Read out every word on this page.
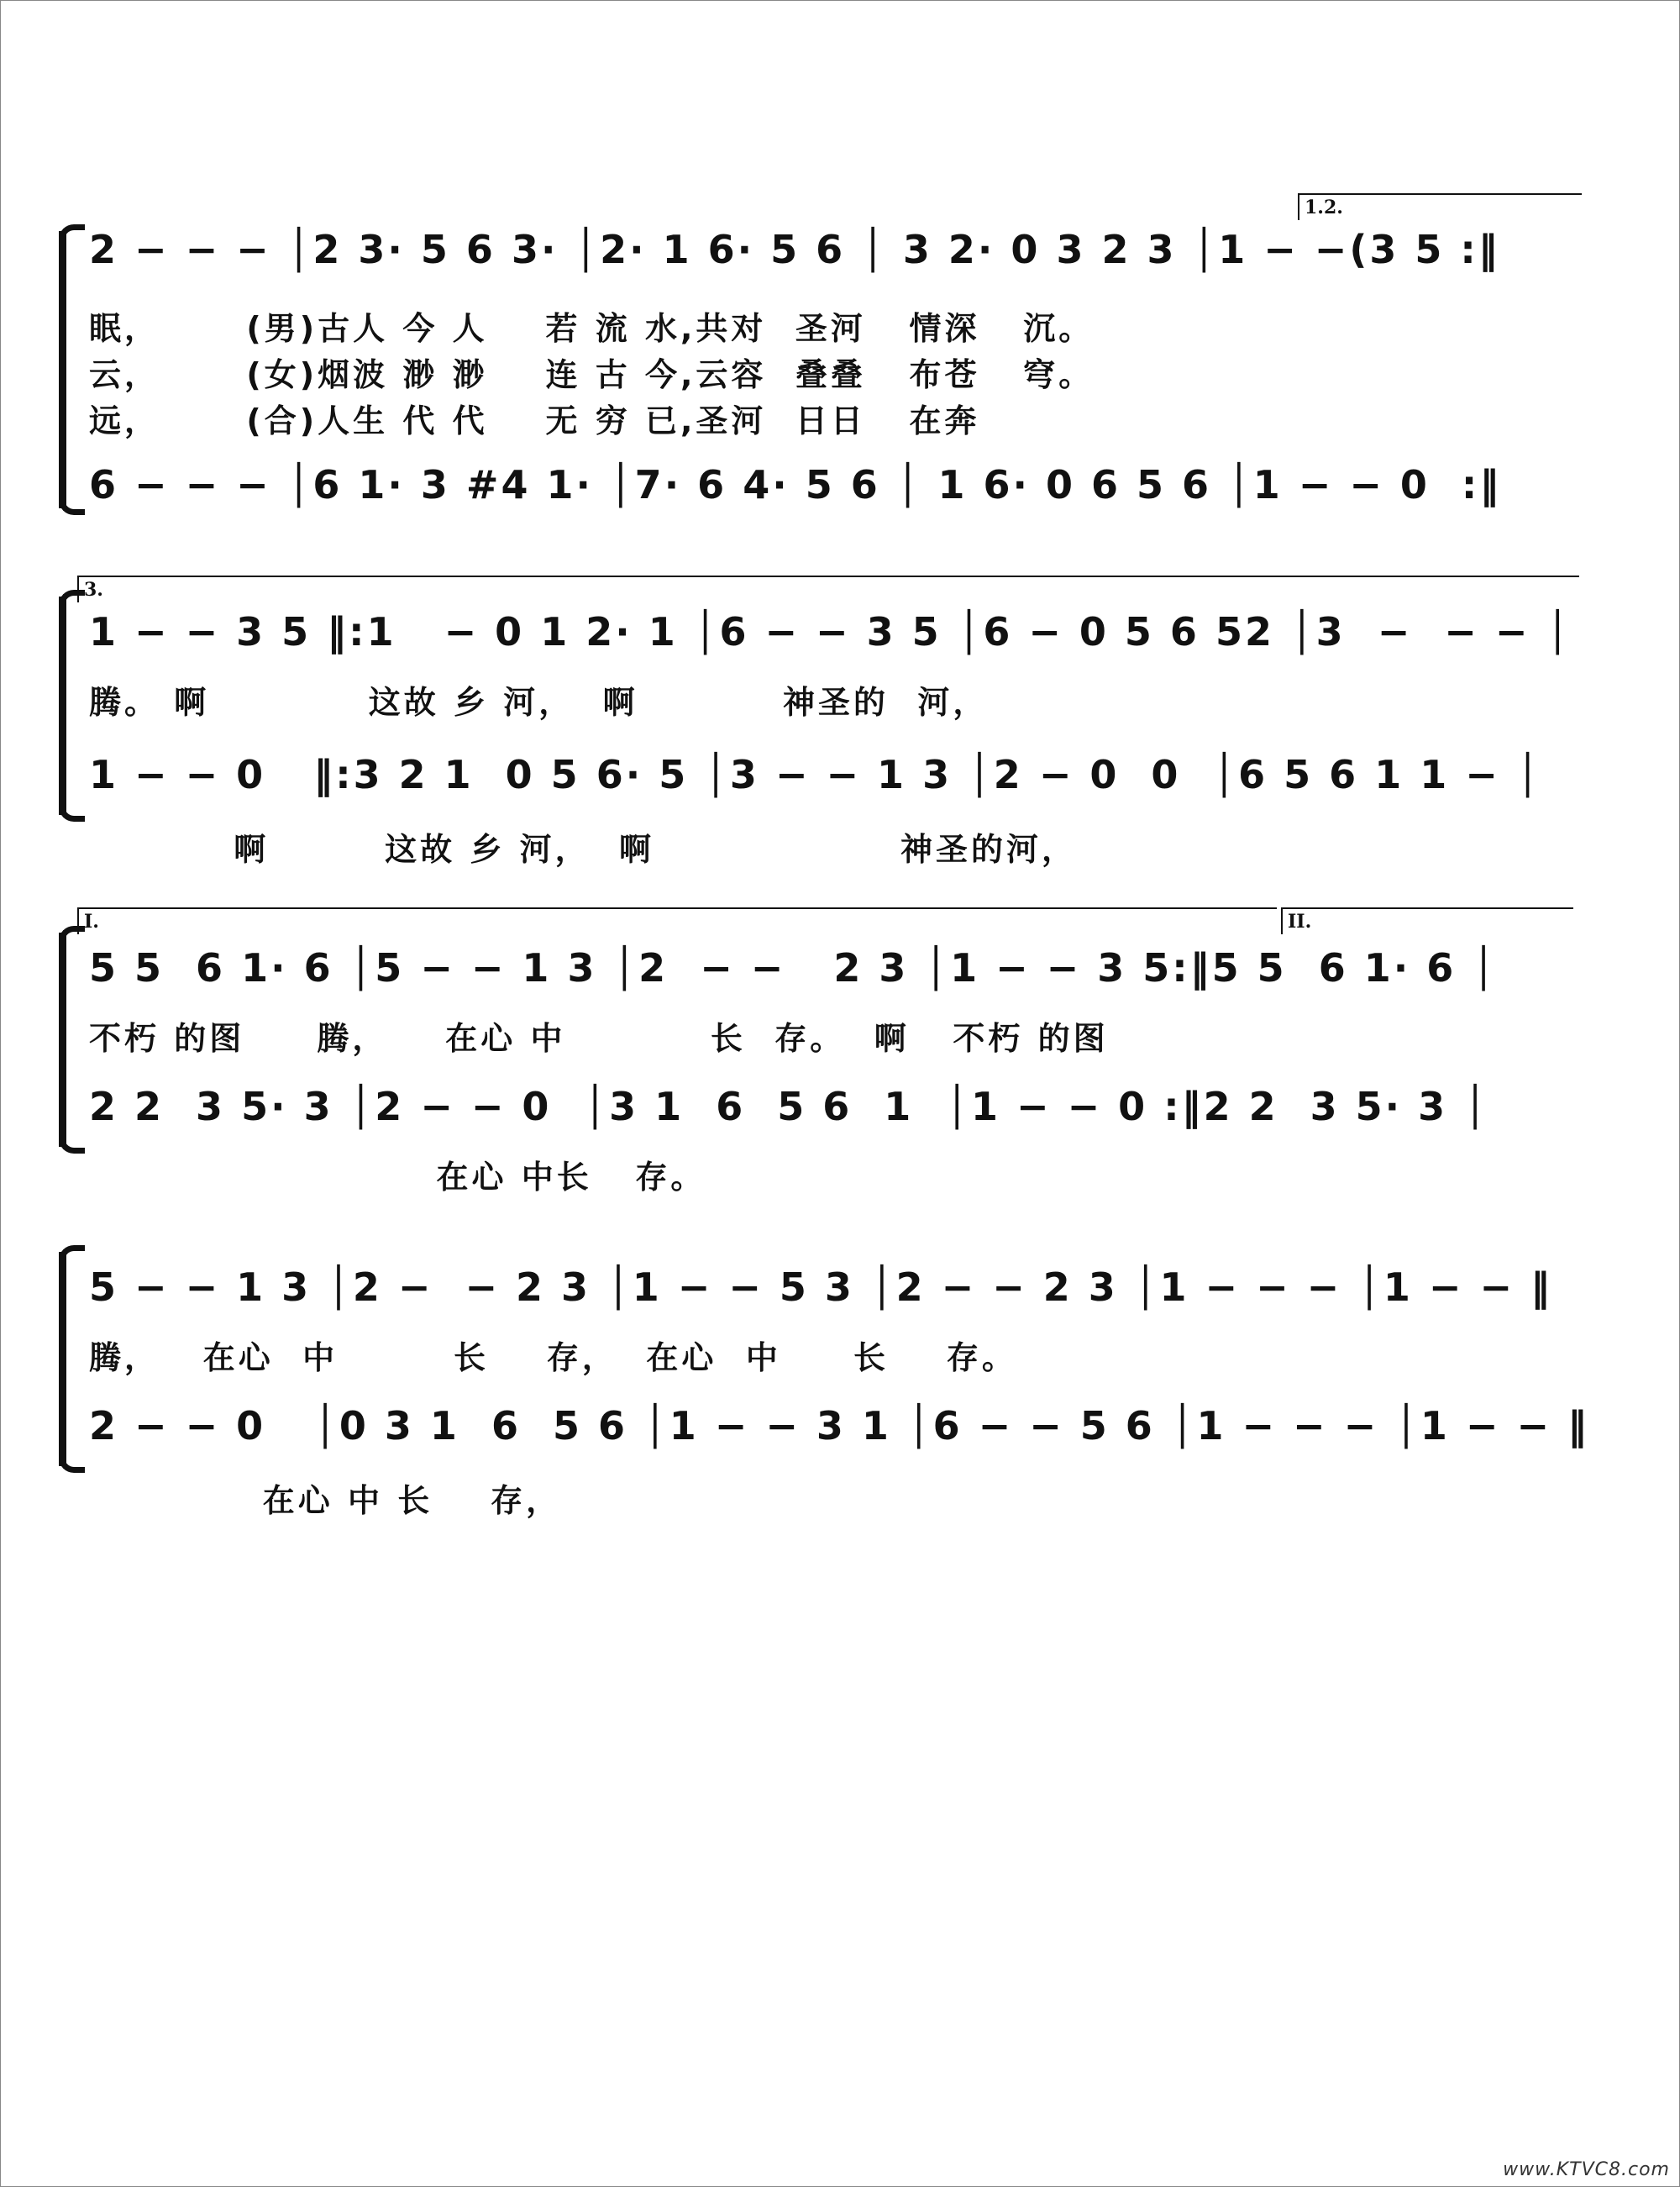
1.2.
2 − − − │2 3· 5 6 3· │2· 1 6· 5 6 │ 3 2· 0 3 2 3 │1 − −(3 5 :‖
眠，      (男)古人 今 人    若 流 水,共对  圣河   情深   沉。
云，      (女)烟波 渺 渺    连 古 今,云容  叠叠   布苍   穹。
远，      (合)人生 代 代    无 穷 已,圣河  日日   在奔
6 − − − │6 1· 3 #4 1· │7· 6 4· 5 6 │ 1 6· 0 6 5 6 │1 − − 0  :‖
3.
1 − − 3 5 ‖:1   − 0 1 2· 1 │6 − − 3 5 │6 − 0 5 6 52 │3  −  − − │
腾。 啊           这故 乡 河，  啊          神圣的  河，
1 − − 0   ‖:3 2 1  0 5 6· 5 │3 − − 1 3 │2 − 0  0  │6 5 6 1 1 − │
啊        这故 乡 河，  啊                 神圣的河，
I.	II.
5 5  6 1· 6 │5 − − 1 3 │2  − −   2 3 │1 − − 3 5:‖5 5  6 1· 6 │
不朽 的图     腾，    在心 中          长  存。  啊   不朽 的图
2 2  3 5· 3 │2 − − 0  │3 1  6  5 6  1  │1 − − 0 :‖2 2  3 5· 3 │
在心 中长   存。
5 − − 1 3 │2 −  − 2 3 │1 − − 5 3 │2 − − 2 3 │1 − − − │1 − − ‖
腾，   在心  中        长    存，  在心  中     长    存。
2 − − 0   │0 3 1  6  5 6 │1 − − 3 1 │6 − − 5 6 │1 − − − │1 − − ‖
在心 中 长    存，
www.KTVC8.com
